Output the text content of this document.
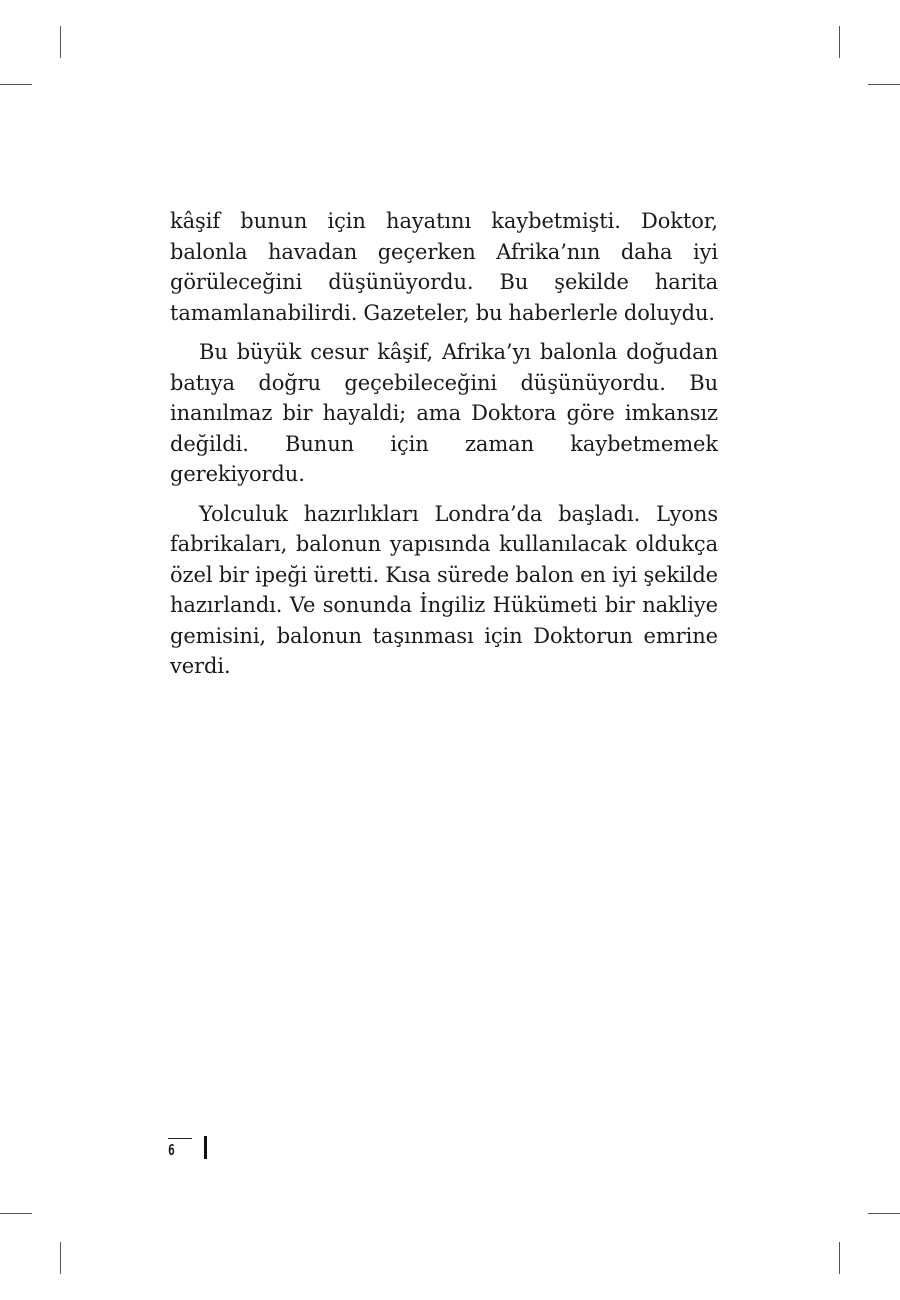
kâşif bunun için hayatını kaybetmişti. Doktor, balonla havadan geçerken Afrika’nın daha iyi görüleceğini düşünüyordu. Bu şekilde harita tamamlanabilirdi. Gazeteler, bu haberlerle doluydu.

Bu büyük cesur kâşif, Afrika’yı balonla doğudan batıya doğru geçebileceğini düşünüyordu. Bu inanılmaz bir hayaldi; ama Doktora göre imkansız değildi. Bunun için zaman kaybetmemek gerekiyordu.

Yolculuk hazırlıkları Londra’da başladı. Lyons fabrikaları, balonun yapısında kullanılacak oldukça özel bir ipeği üretti. Kısa sürede balon en iyi şekilde hazırlandı. Ve sonunda İngiliz Hükümeti bir nakliye gemisini, balonun taşınması için Doktorun emrine verdi.

6
